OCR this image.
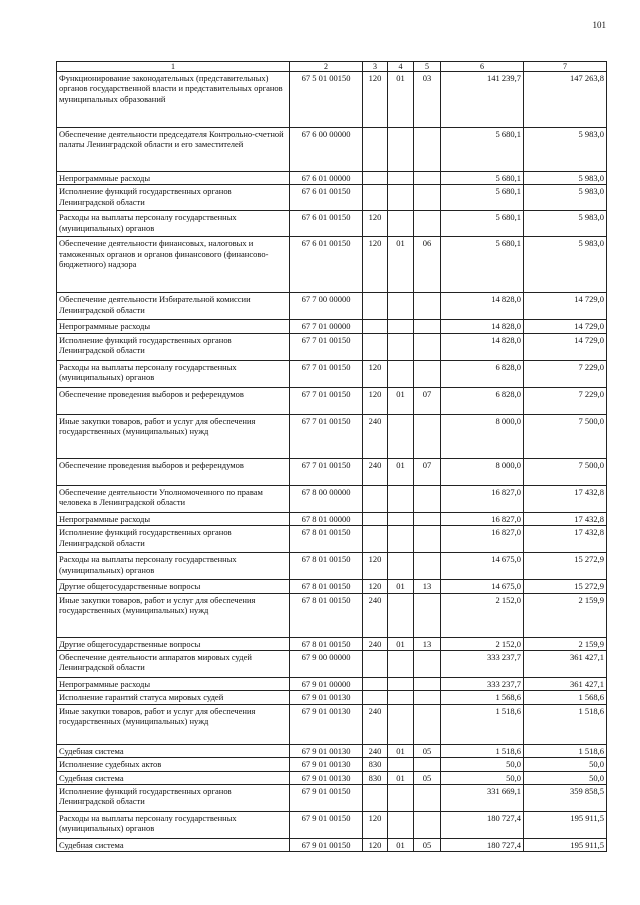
101
1	2	3	4	5	6	7
Функционирование законодательных (представительных) органов государственной власти и представительных органов муниципальных образований	67 5 01 00150	120	01	03	141 239,7	147 263,8
Обеспечение деятельности председателя Контрольно-счетной палаты Ленинградской области и его заместителей	67 6 00 00000				5 680,1	5 983,0
Непрограммные расходы	67 6 01 00000				5 680,1	5 983,0
Исполнение функций государственных органов Ленинградской области	67 6 01 00150				5 680,1	5 983,0
Расходы на выплаты персоналу государственных (муниципальных) органов	67 6 01 00150	120			5 680,1	5 983,0
Обеспечение деятельности финансовых, налоговых и таможенных органов и органов финансового (финансово-бюджетного) надзора	67 6 01 00150	120	01	06	5 680,1	5 983,0
Обеспечение деятельности Избирательной комиссии Ленинградской области	67 7 00 00000				14 828,0	14 729,0
Непрограммные расходы	67 7 01 00000				14 828,0	14 729,0
Исполнение функций государственных органов Ленинградской области	67 7 01 00150				14 828,0	14 729,0
Расходы на выплаты персоналу государственных (муниципальных) органов	67 7 01 00150	120			6 828,0	7 229,0
Обеспечение проведения выборов и референдумов	67 7 01 00150	120	01	07	6 828,0	7 229,0
Иные закупки товаров, работ и услуг для обеспечения государственных (муниципальных) нужд	67 7 01 00150	240			8 000,0	7 500,0
Обеспечение проведения выборов и референдумов	67 7 01 00150	240	01	07	8 000,0	7 500,0
Обеспечение деятельности Уполномоченного по правам человека в Ленинградской области	67 8 00 00000				16 827,0	17 432,8
Непрограммные расходы	67 8 01 00000				16 827,0	17 432,8
Исполнение функций государственных органов Ленинградской области	67 8 01 00150				16 827,0	17 432,8
Расходы на выплаты персоналу государственных (муниципальных) органов	67 8 01 00150	120			14 675,0	15 272,9
Другие общегосударственные вопросы	67 8 01 00150	120	01	13	14 675,0	15 272,9
Иные закупки товаров, работ и услуг для обеспечения государственных (муниципальных) нужд	67 8 01 00150	240			2 152,0	2 159,9
Другие общегосударственные вопросы	67 8 01 00150	240	01	13	2 152,0	2 159,9
Обеспечение деятельности аппаратов мировых судей Ленинградской области	67 9 00 00000				333 237,7	361 427,1
Непрограммные расходы	67 9 01 00000				333 237,7	361 427,1
Исполнение гарантий статуса мировых судей	67 9 01 00130				1 568,6	1 568,6
Иные закупки товаров, работ и услуг для обеспечения государственных (муниципальных) нужд	67 9 01 00130	240			1 518,6	1 518,6
Судебная система	67 9 01 00130	240	01	05	1 518,6	1 518,6
Исполнение судебных актов	67 9 01 00130	830			50,0	50,0
Судебная система	67 9 01 00130	830	01	05	50,0	50,0
Исполнение функций государственных органов Ленинградской области	67 9 01 00150				331 669,1	359 858,5
Расходы на выплаты персоналу государственных (муниципальных) органов	67 9 01 00150	120			180 727,4	195 911,5
Судебная система	67 9 01 00150	120	01	05	180 727,4	195 911,5
